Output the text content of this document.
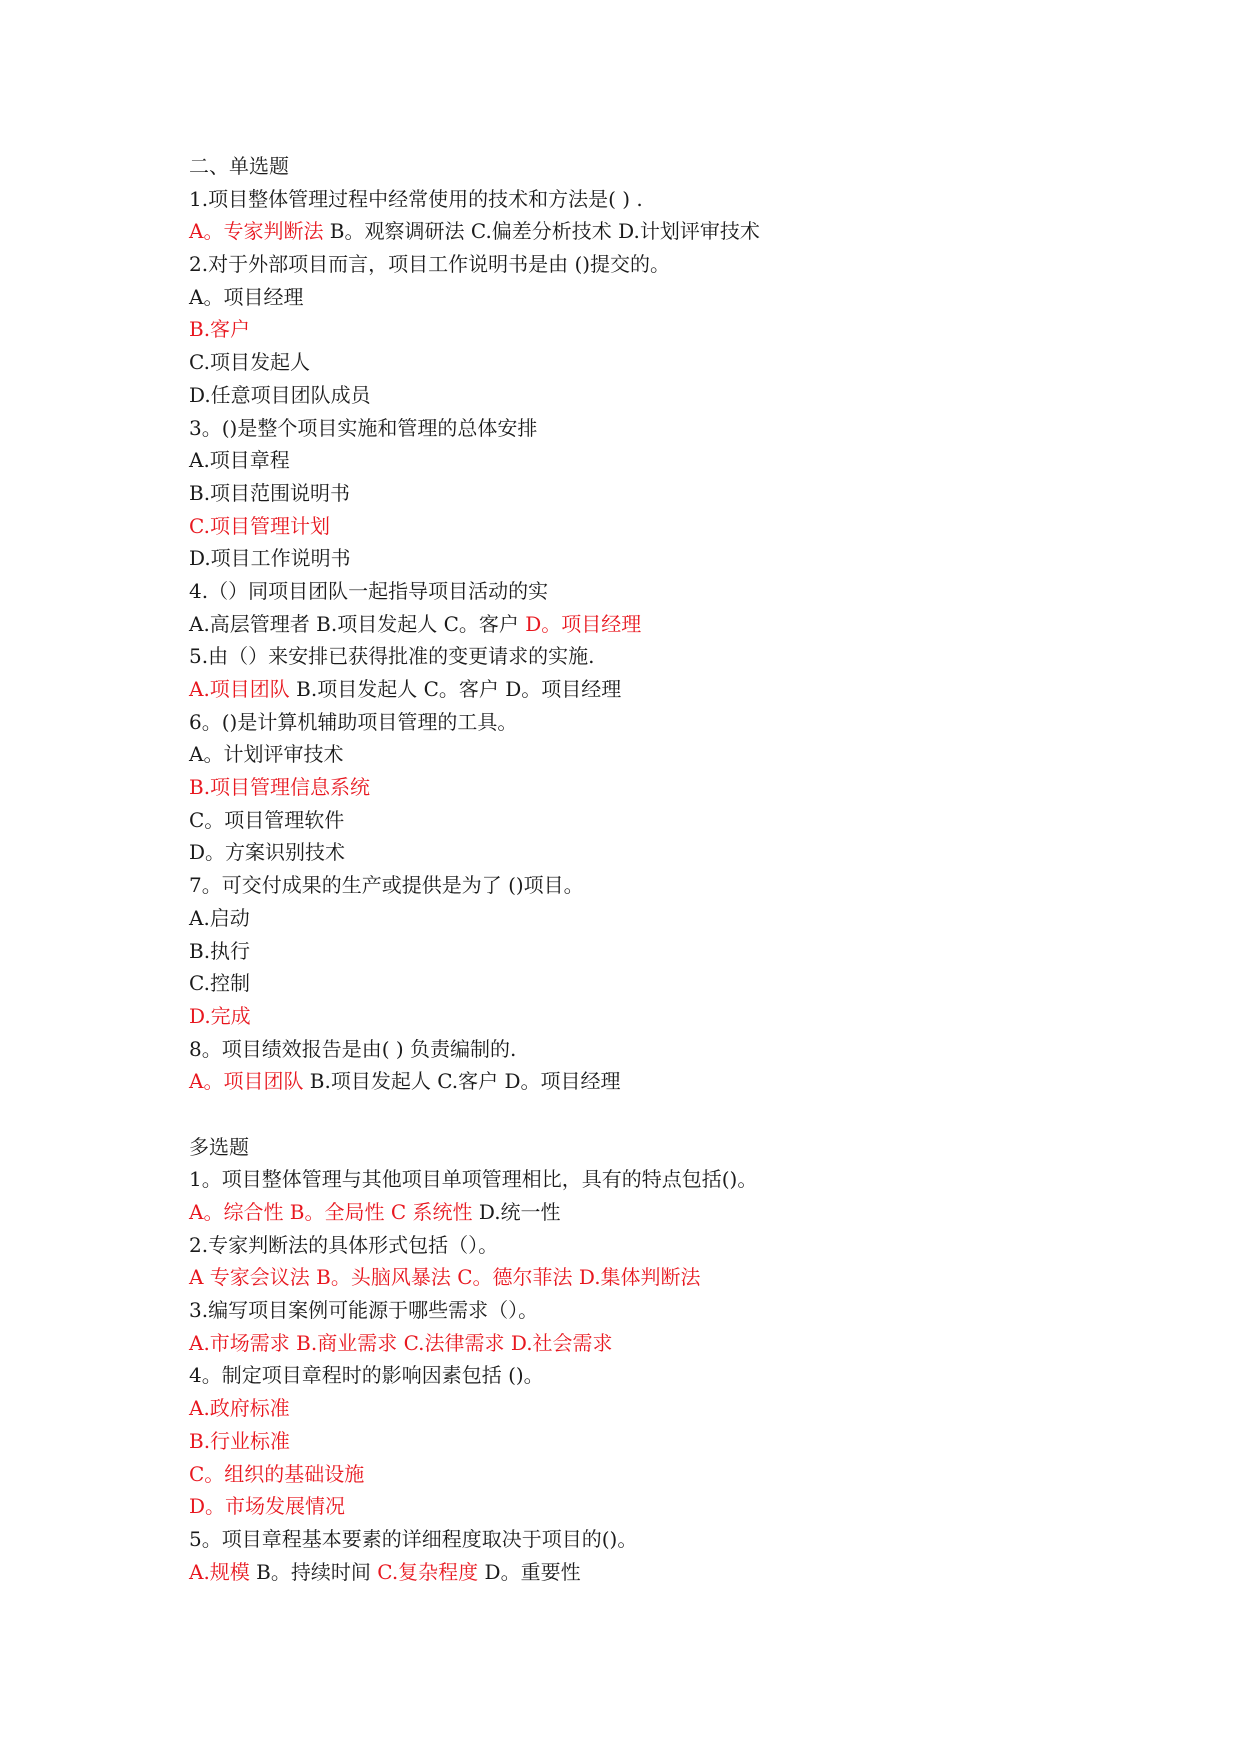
二、单选题
1.项目整体管理过程中经常使用的技术和方法是( ) .
A。专家判断法 B。观察调研法 C.偏差分析技术 D.计划评审技术
2.对于外部项目而言，项目工作说明书是由 ()提交的。
A。项目经理
B.客户
C.项目发起人
D.任意项目团队成员
3。()是整个项目实施和管理的总体安排
A.项目章程
B.项目范围说明书
C.项目管理计划
D.项目工作说明书
4.（）同项目团队一起指导项目活动的实
A.高层管理者 B.项目发起人 C。客户 D。项目经理
5.由（）来安排已获得批准的变更请求的实施.
A.项目团队 B.项目发起人 C。客户 D。项目经理
6。()是计算机辅助项目管理的工具。
A。计划评审技术
B.项目管理信息系统
C。项目管理软件
D。方案识别技术
7。可交付成果的生产或提供是为了 ()项目。
A.启动
B.执行
C.控制
D.完成
8。项目绩效报告是由( ) 负责编制的.
A。项目团队 B.项目发起人 C.客户 D。项目经理
多选题
1。项目整体管理与其他项目单项管理相比，具有的特点包括()。
A。综合性 B。全局性 C 系统性 D.统一性
2.专家判断法的具体形式包括（）。
A 专家会议法 B。头脑风暴法 C。德尔菲法 D.集体判断法
3.编写项目案例可能源于哪些需求（）。
A.市场需求 B.商业需求 C.法律需求 D.社会需求
4。制定项目章程时的影响因素包括 ()。
A.政府标准
B.行业标准
C。组织的基础设施
D。市场发展情况
5。项目章程基本要素的详细程度取决于项目的()。
A.规模 B。持续时间 C.复杂程度 D。重要性
